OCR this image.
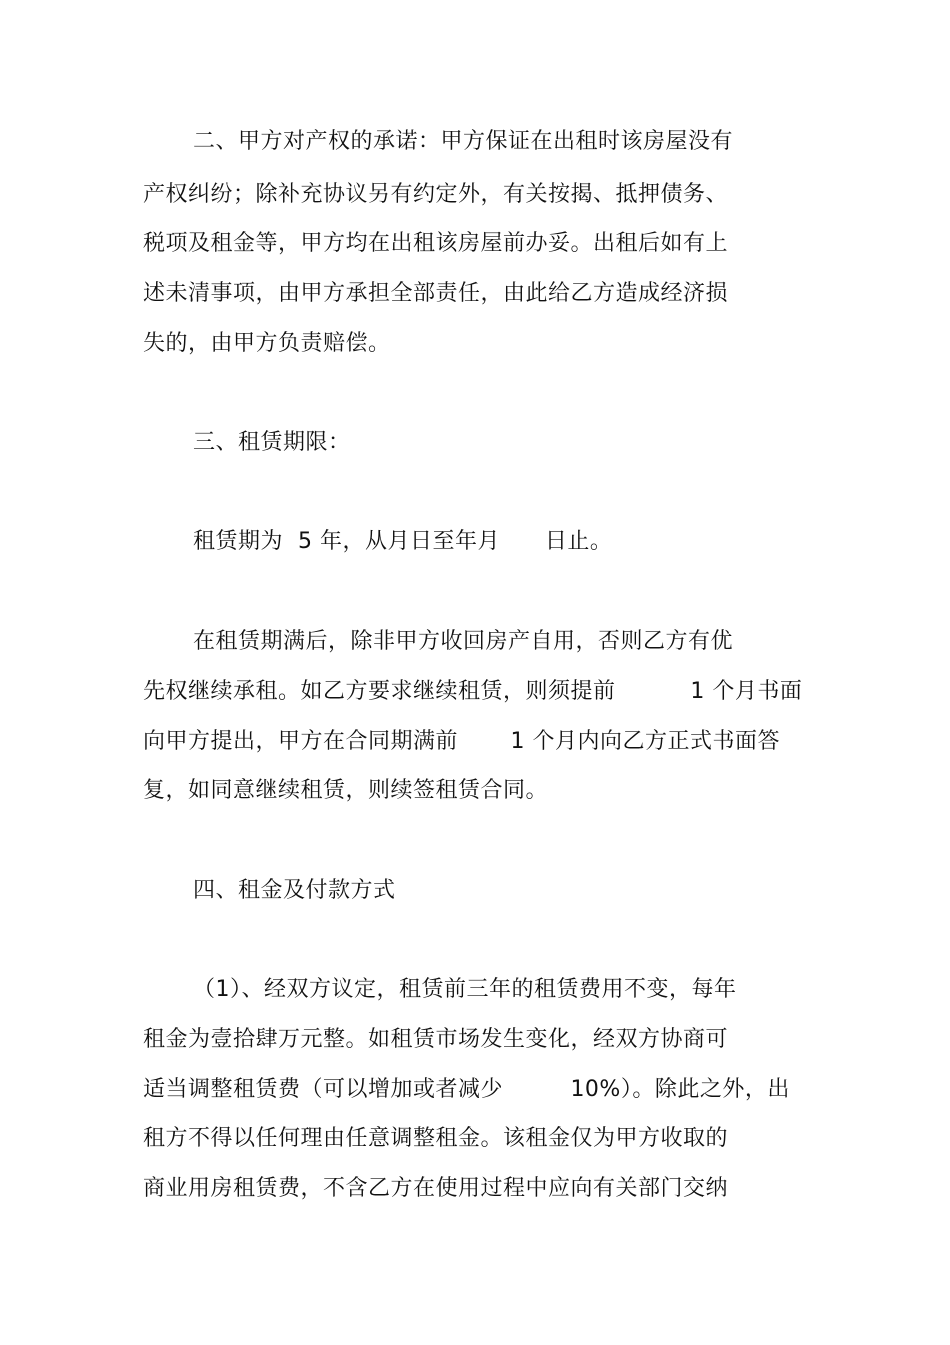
二、甲方对产权的承诺：甲方保证在出租时该房屋没有
产权纠纷；除补充协议另有约定外，有关按揭、抵押债务、
税项及租金等，甲方均在出租该房屋前办妥。出租后如有上
述未清事项，由甲方承担全部责任，由此给乙方造成经济损
失的，由甲方负责赔偿。
三、租赁期限：
租赁期为  5 年，从月日至年月      日止。
在租赁期满后，除非甲方收回房产自用，否则乙方有优
先权继续承租。如乙方要求继续租赁，则须提前          1 个月书面
向甲方提出，甲方在合同期满前       1 个月内向乙方正式书面答
复，如同意继续租赁，则续签租赁合同。
四、租金及付款方式
（1）、经双方议定，租赁前三年的租赁费用不变，每年
租金为壹拾肆万元整。如租赁市场发生变化，经双方协商可
适当调整租赁费（可以增加或者减少         10%）。除此之外，出
租方不得以任何理由任意调整租金。该租金仅为甲方收取的
商业用房租赁费，不含乙方在使用过程中应向有关部门交纳
